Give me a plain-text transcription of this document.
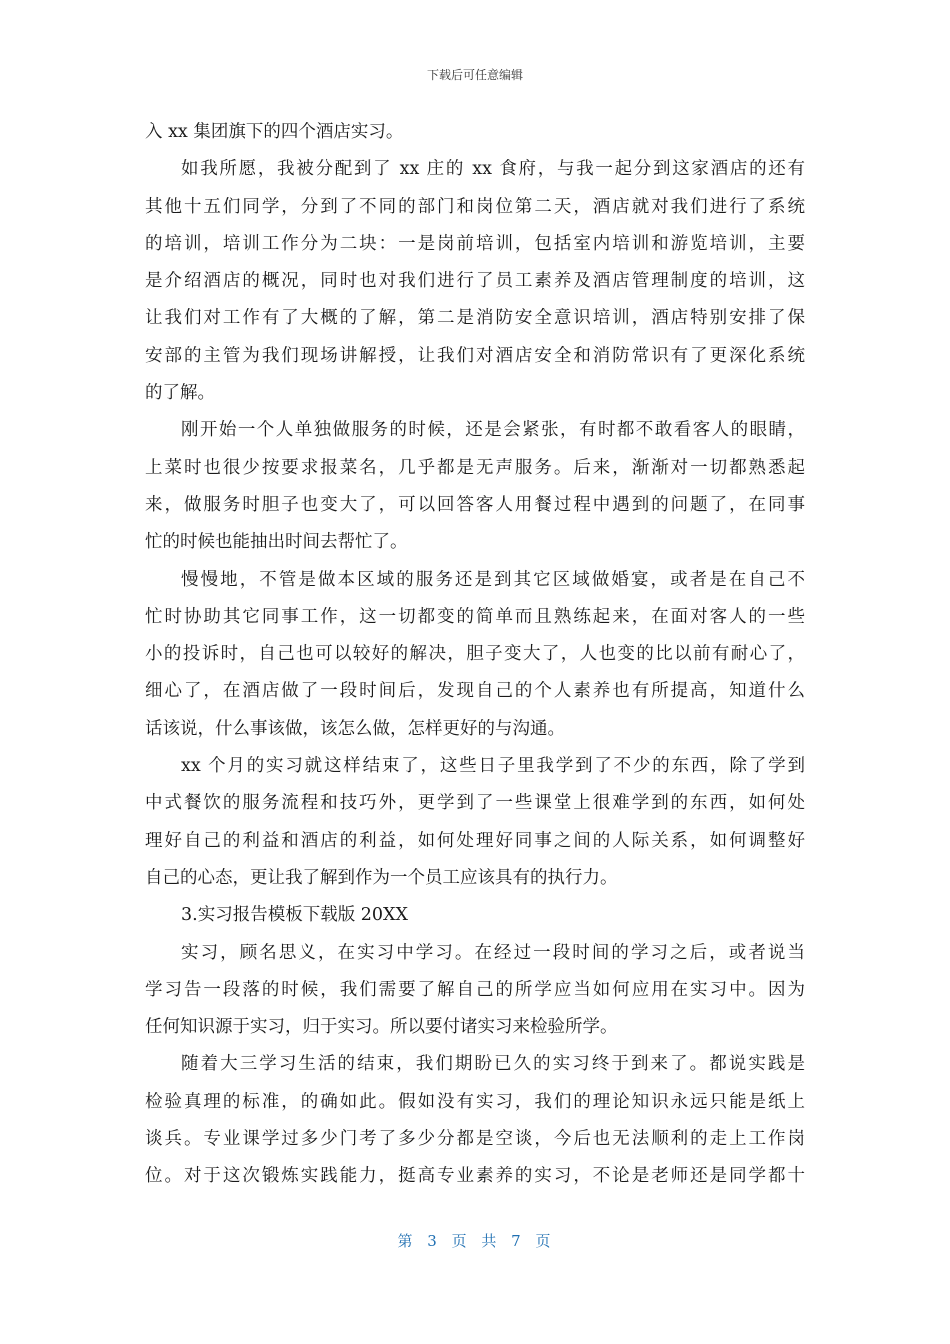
下载后可任意编辑
入 xx 集团旗下的四个酒店实习。
如我所愿，我被分配到了 xx 庄的 xx 食府，与我一起分到这家酒店的还有
其他十五们同学，分到了不同的部门和岗位第二天，酒店就对我们进行了系统
的培训，培训工作分为二块：一是岗前培训，包括室内培训和游览培训，主要
是介绍酒店的概况，同时也对我们进行了员工素养及酒店管理制度的培训，这
让我们对工作有了大概的了解，第二是消防安全意识培训，酒店特别安排了保
安部的主管为我们现场讲解授，让我们对酒店安全和消防常识有了更深化系统
的了解。
刚开始一个人单独做服务的时候，还是会紧张，有时都不敢看客人的眼睛，
上菜时也很少按要求报菜名，几乎都是无声服务。后来，渐渐对一切都熟悉起
来，做服务时胆子也变大了，可以回答客人用餐过程中遇到的问题了，在同事
忙的时候也能抽出时间去帮忙了。
慢慢地，不管是做本区域的服务还是到其它区域做婚宴，或者是在自己不
忙时协助其它同事工作，这一切都变的简单而且熟练起来，在面对客人的一些
小的投诉时，自己也可以较好的解决，胆子变大了，人也变的比以前有耐心了，
细心了，在酒店做了一段时间后，发现自己的个人素养也有所提高，知道什么
话该说，什么事该做，该怎么做，怎样更好的与沟通。
xx 个月的实习就这样结束了，这些日子里我学到了不少的东西，除了学到
中式餐饮的服务流程和技巧外，更学到了一些课堂上很难学到的东西，如何处
理好自己的利益和酒店的利益，如何处理好同事之间的人际关系，如何调整好
自己的心态，更让我了解到作为一个员工应该具有的执行力。
3.实习报告模板下载版 20XX
实习，顾名思义，在实习中学习。在经过一段时间的学习之后，或者说当
学习告一段落的时候，我们需要了解自己的所学应当如何应用在实习中。因为
任何知识源于实习，归于实习。所以要付诸实习来检验所学。
随着大三学习生活的结束，我们期盼已久的实习终于到来了。都说实践是
检验真理的标准，的确如此。假如没有实习，我们的理论知识永远只能是纸上
谈兵。专业课学过多少门考了多少分都是空谈，今后也无法顺利的走上工作岗
位。对于这次锻炼实践能力，挺高专业素养的实习，不论是老师还是同学都十
第 3 页 共 7 页
